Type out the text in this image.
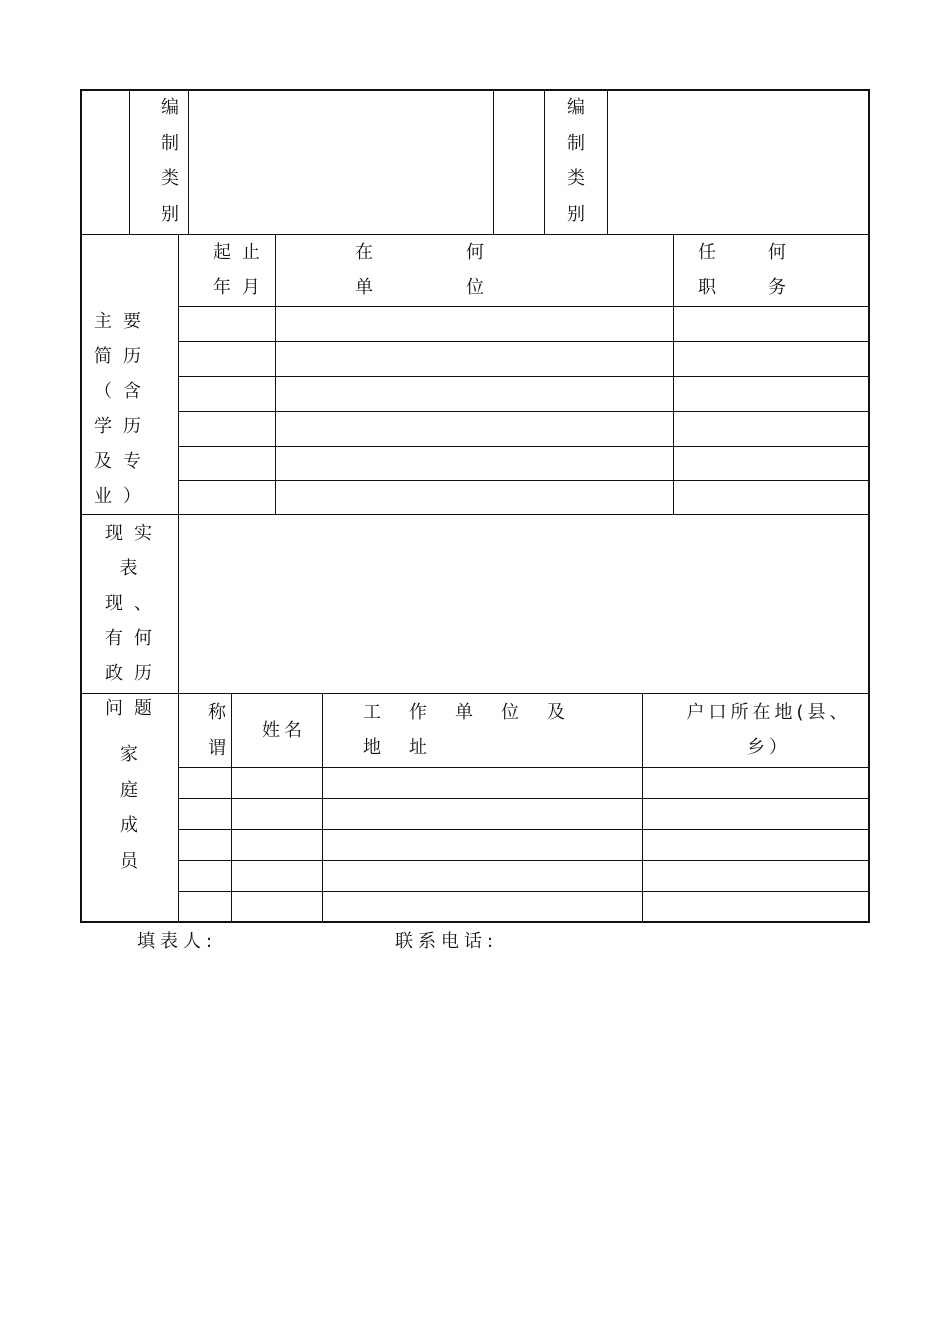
编制类别
编制类别
主要简历（含学历及专业）
起止年月
在何单位
任何职务
现实表现、有何政历问题
家庭成员
称谓
姓名
工作单位及地址
户口所在地(县、乡）
填表人:	联系电话:
